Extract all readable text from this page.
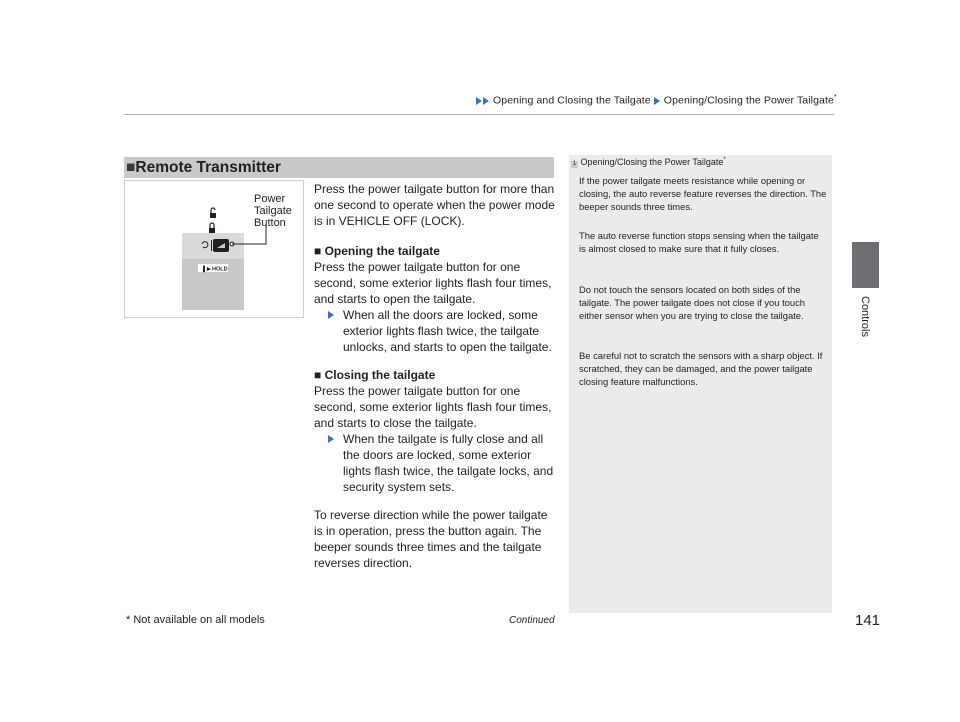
Opening and Closing the Tailgate Opening/Closing the Power Tailgate*
Controls
■Remote Transmitter
▌▶ HOLD
Power
Tailgate
Button
Press the power tailgate button for more than one second to operate when the power mode is in VEHICLE OFF (LOCK).
■ Opening the tailgate
Press the power tailgate button for one second, some exterior lights flash four times, and starts to open the tailgate.
When all the doors are locked, some exterior lights flash twice, the tailgate unlocks, and starts to open the tailgate.
■ Closing the tailgate
Press the power tailgate button for one second, some exterior lights flash four times, and starts to close the tailgate.
When the tailgate is fully close and all the doors are locked, some exterior lights flash twice, the tailgate locks, and security system sets.
To reverse direction while the power tailgate is in operation, press the button again. The beeper sounds three times and the tailgate reverses direction.
1 Opening/Closing the Power Tailgate*
If the power tailgate meets resistance while opening or closing, the auto reverse feature reverses the direction. The beeper sounds three times.
The auto reverse function stops sensing when the tailgate is almost closed to make sure that it fully closes.
Do not touch the sensors located on both sides of the tailgate. The power tailgate does not close if you touch either sensor when you are trying to close the tailgate.
Be careful not to scratch the sensors with a sharp object. If scratched, they can be damaged, and the power tailgate closing feature malfunctions.
* Not available on all models	Continued	141
